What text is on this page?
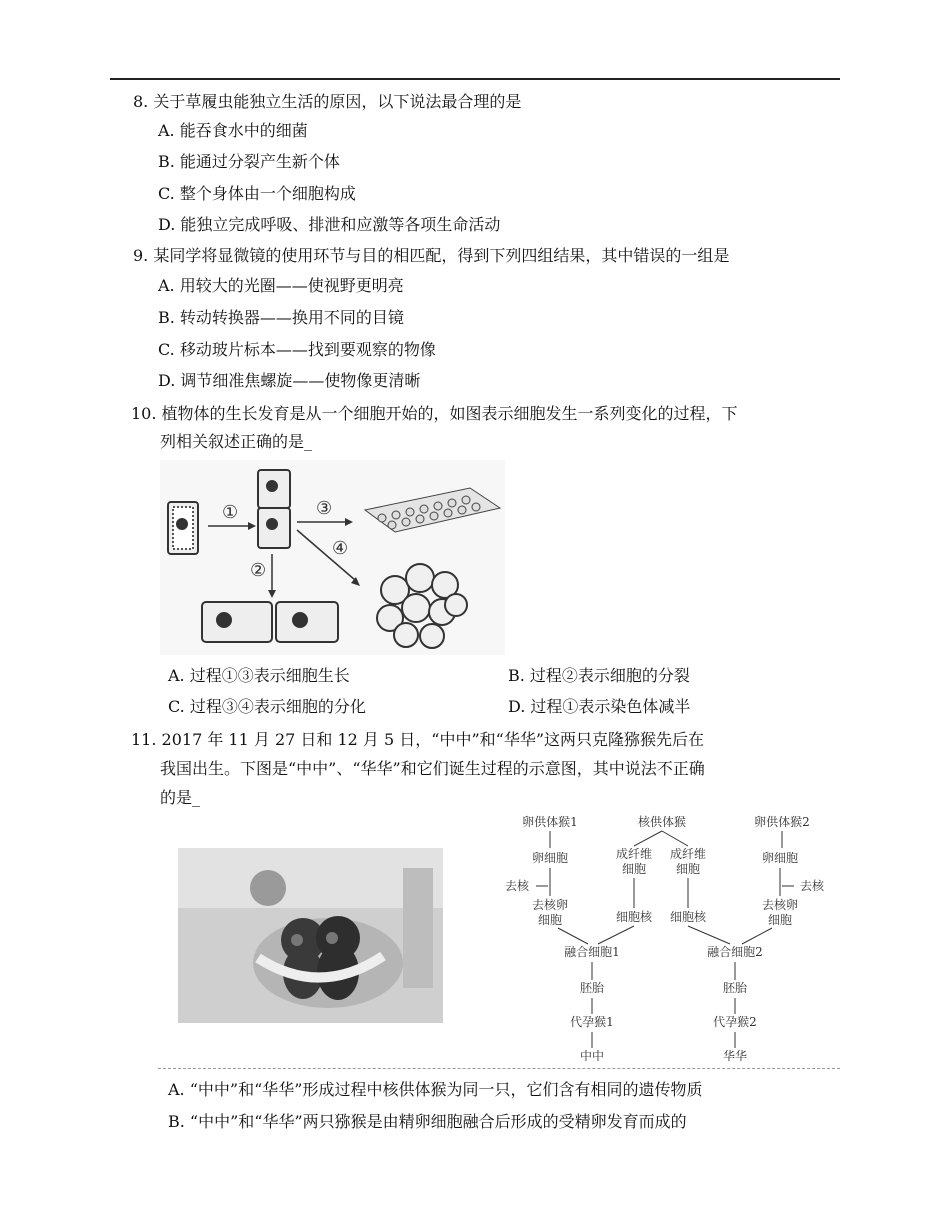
8. 关于草履虫能独立生活的原因，以下说法最合理的是
A. 能吞食水中的细菌
B. 能通过分裂产生新个体
C. 整个身体由一个细胞构成
D. 能独立完成呼吸、排泄和应激等各项生命活动
9. 某同学将显微镜的使用环节与目的相匹配，得到下列四组结果，其中错误的一组是
A. 用较大的光圈——使视野更明亮
B. 转动转换器——换用不同的目镜
C. 移动玻片标本——找到要观察的物像
D. 调节细准焦螺旋——使物像更清晰
10. 植物体的生长发育是从一个细胞开始的，如图表示细胞发生一系列变化的过程，下
列相关叙述正确的是_
①	③
④
②
A. 过程①③表示细胞生长	B. 过程②表示细胞的分裂
C. 过程③④表示细胞的分化	D. 过程①表示染色体减半
11. 2017 年 11 月 27 日和 12 月 5 日，“中中”和“华华”这两只克隆猕猴先后在
我国出生。下图是“中中”、“华华”和它们诞生过程的示意图，其中说法不正确
的是_
卵供体猴1	核供体猴	卵供体猴2
卵细胞	成纤维
细胞
成纤维
细胞
卵细胞
去核	去核
去核卵
细胞	细胞核 细胞核
去核卵
细胞
融合细胞1	融合细胞2
胚胎	胚胎
代孕猴1	代孕猴2
中中	华华
A. “中中”和“华华”形成过程中核供体猴为同一只，它们含有相同的遗传物质
B. “中中”和“华华”两只猕猴是由精卵细胞融合后形成的受精卵发育而成的
